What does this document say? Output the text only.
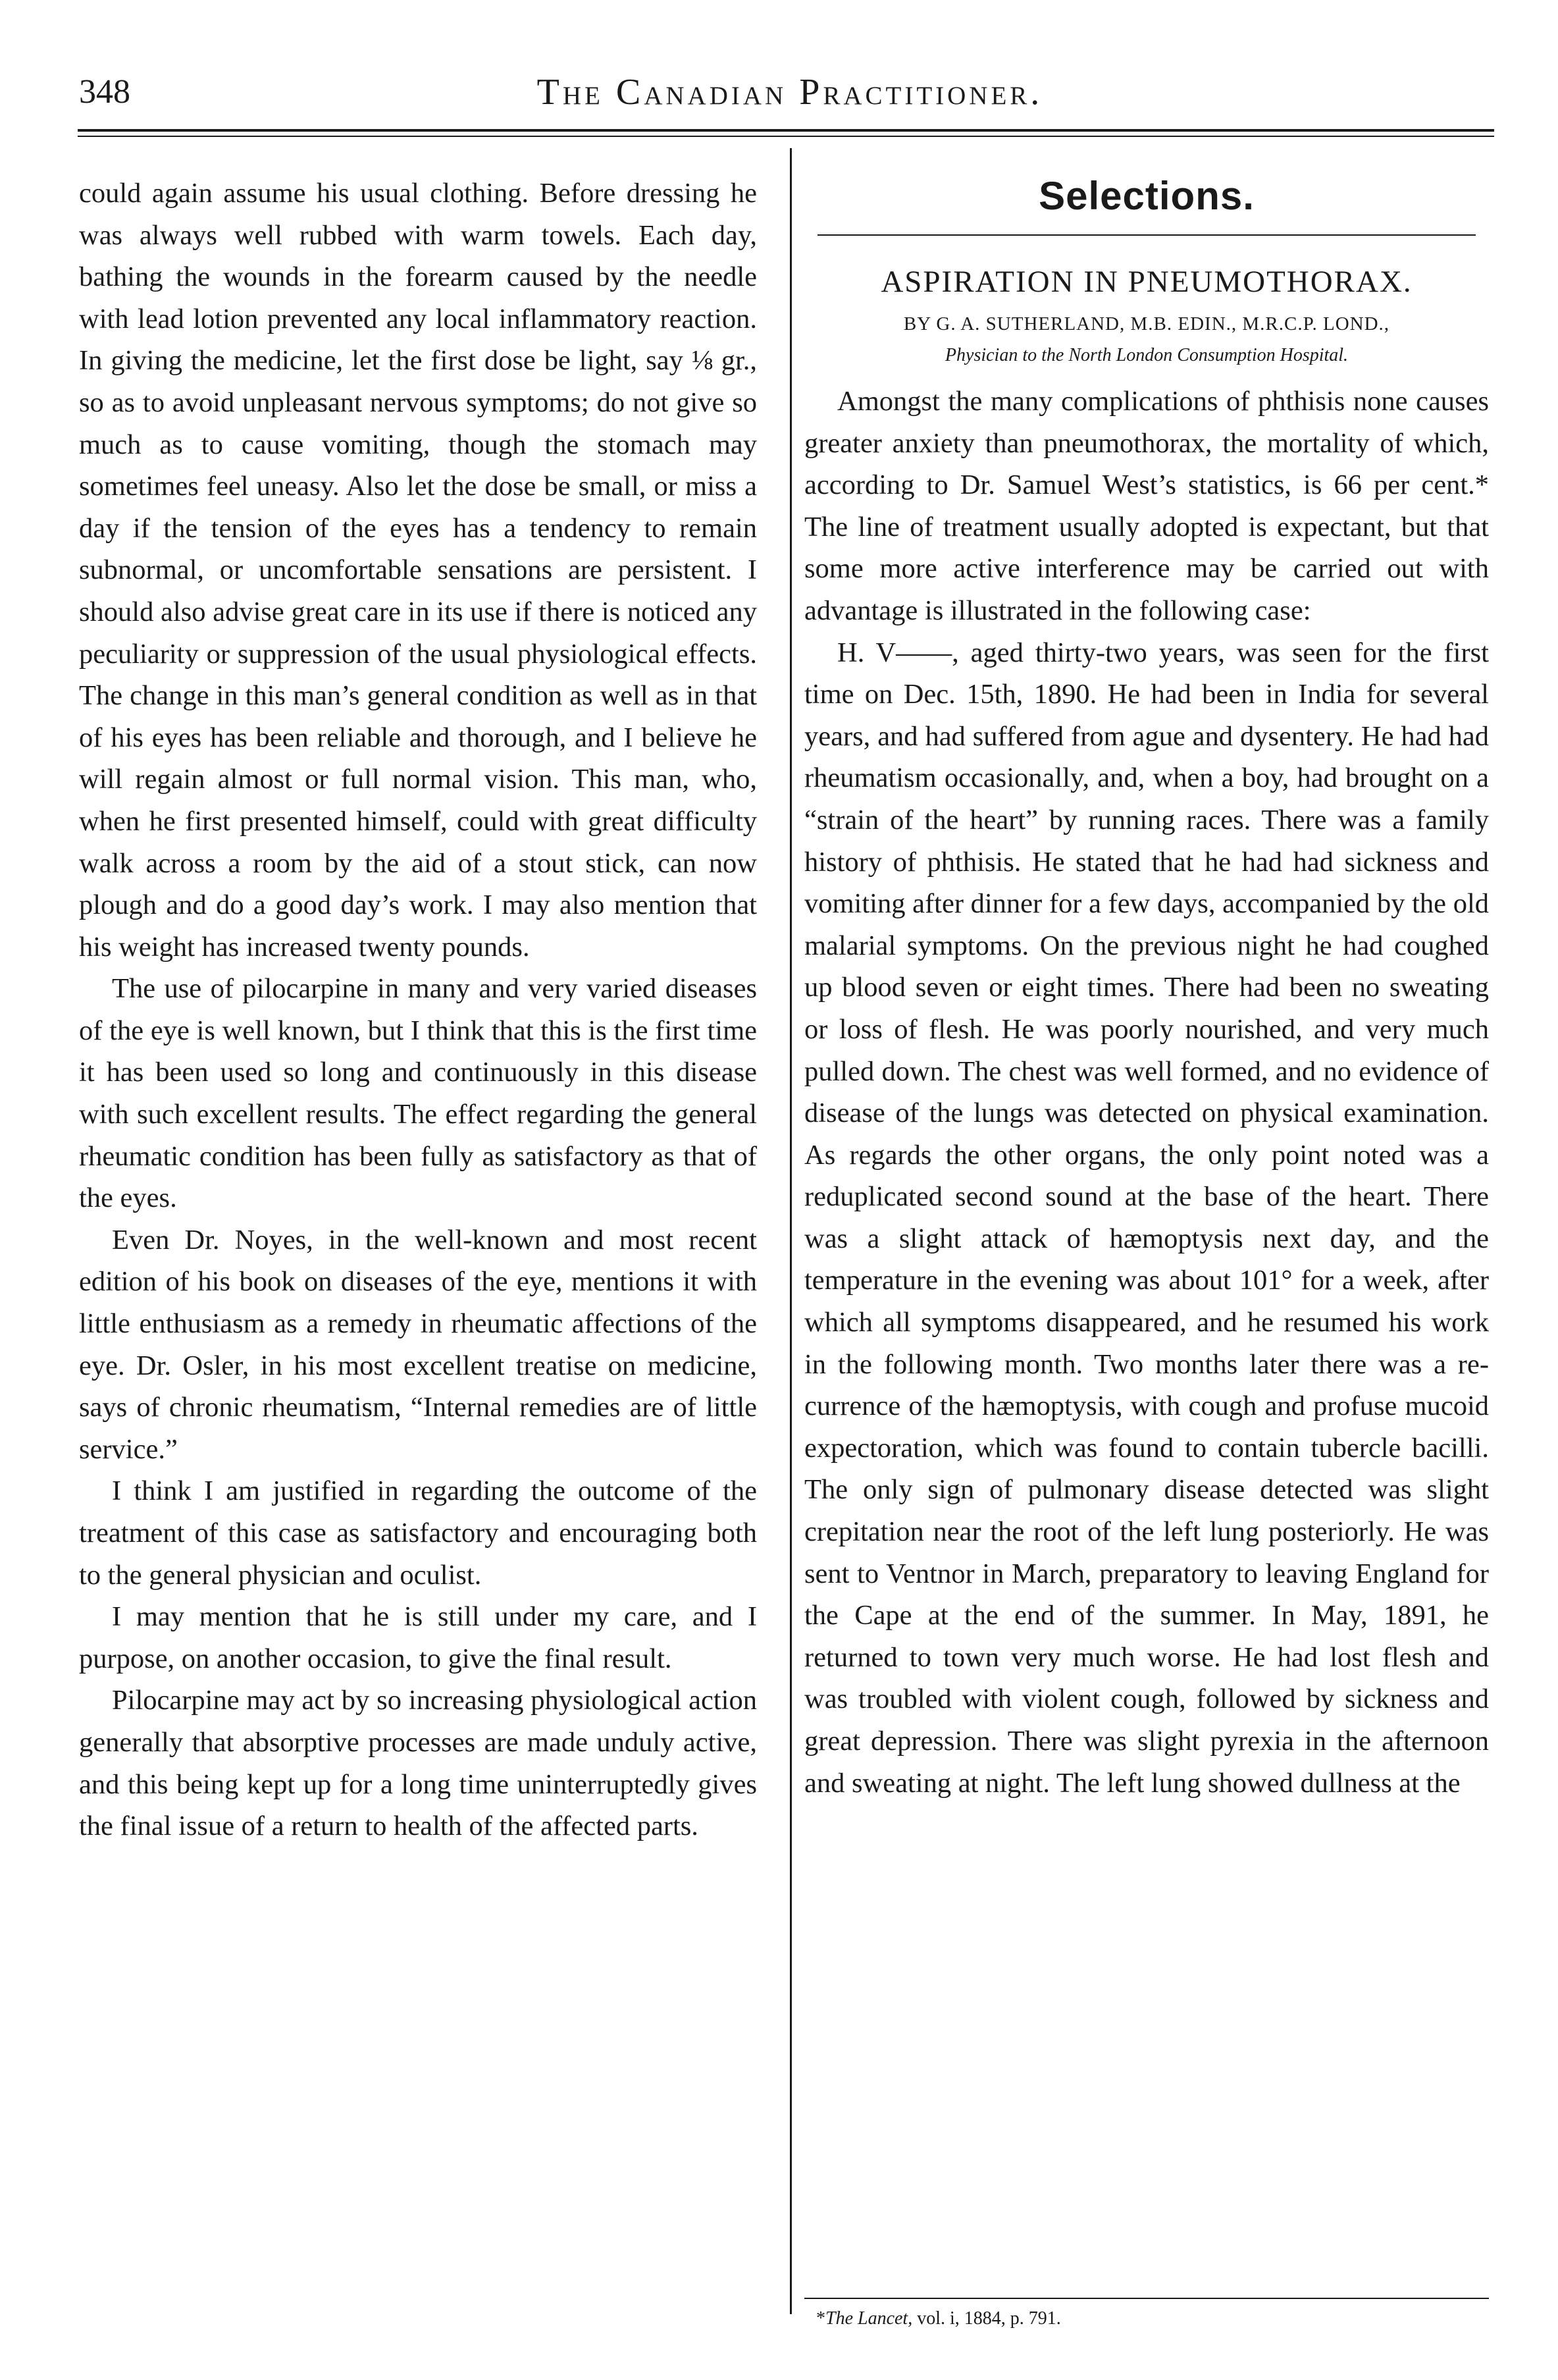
348	The Canadian Practitioner.

could again assume his usual clothing. Before dressing he was always well rubbed with warm towels. Each day, bathing the wounds in the forearm caused by the needle with lead lotion prevented any local inflammatory reaction. In giving the medicine, let the first dose be light, say ⅛ gr., so as to avoid unpleasant nervous symptoms; do not give so much as to cause vomiting, though the stomach may sometimes feel uneasy. Also let the dose be small, or miss a day if the tension of the eyes has a tendency to remain subnormal, or uncomfortable sensations are persistent. I should also advise great care in its use if there is noticed any peculiarity or suppression of the usual physiological effects. The change in this man’s general condition as well as in that of his eyes has been reliable and thorough, and I believe he will regain almost or full normal vision. This man, who, when he first presented himself, could with great difficulty walk across a room by the aid of a stout stick, can now plough and do a good day’s work. I may also mention that his weight has increased twenty pounds.

The use of pilocarpine in many and very varied diseases of the eye is well known, but I think that this is the first time it has been used so long and continuously in this disease with such excellent results. The effect regarding the general rheumatic condition has been fully as satisfactory as that of the eyes.

Even Dr. Noyes, in the well-known and most recent edition of his book on diseases of the eye, mentions it with little enthusiasm as a remedy in rheumatic affections of the eye. Dr. Osler, in his most excellent treatise on medicine, says of chronic rheumatism, “Internal remedies are of little service.”

I think I am justified in regarding the outcome of the treatment of this case as satisfactory and encouraging both to the general physician and oculist.

I may mention that he is still under my care, and I purpose, on another occasion, to give the final result.

Pilocarpine may act by so increasing physiological action generally that absorptive processes are made unduly active, and this being kept up for a long time uninterruptedly gives the final issue of a return to health of the affected parts.

Selections.
ASPIRATION IN PNEUMOTHORAX.
BY G. A. SUTHERLAND, M.B. EDIN., M.R.C.P. LOND.,
Physician to the North London Consumption Hospital.

Amongst the many complications of phthisis none causes greater anxiety than pneumothorax, the mortality of which, according to Dr. Samuel West’s statistics, is 66 per cent.* The line of treatment usually adopted is expectant, but that some more active interference may be carried out with advantage is illustrated in the following case:

H. V——, aged thirty-two years, was seen for the first time on Dec. 15th, 1890. He had been in India for several years, and had suffered from ague and dysentery. He had had rheumatism occasionally, and, when a boy, had brought on a “strain of the heart” by running races. There was a family history of phthisis. He stated that he had had sickness and vomiting after dinner for a few days, accompanied by the old malarial symptoms. On the previous night he had coughed up blood seven or eight times. There had been no sweating or loss of flesh. He was poorly nourished, and very much pulled down. The chest was well formed, and no evidence of disease of the lungs was detected on physical examination. As regards the other organs, the only point noted was a reduplicated second sound at the base of the heart. There was a slight attack of hæmoptysis next day, and the temperature in the evening was about 101° for a week, after which all symptoms disappeared, and he resumed his work in the following month. Two months later there was a recurrence of the hæmoptysis, with cough and profuse mucoid expectoration, which was found to contain tubercle bacilli. The only sign of pulmonary disease detected was slight crepitation near the root of the left lung posteriorly. He was sent to Ventnor in March, preparatory to leaving England for the Cape at the end of the summer. In May, 1891, he returned to town very much worse. He had lost flesh and was troubled with violent cough, followed by sickness and great depression. There was slight pyrexia in the afternoon and sweating at night. The left lung showed dullness at the

*The Lancet, vol. i, 1884, p. 791.
